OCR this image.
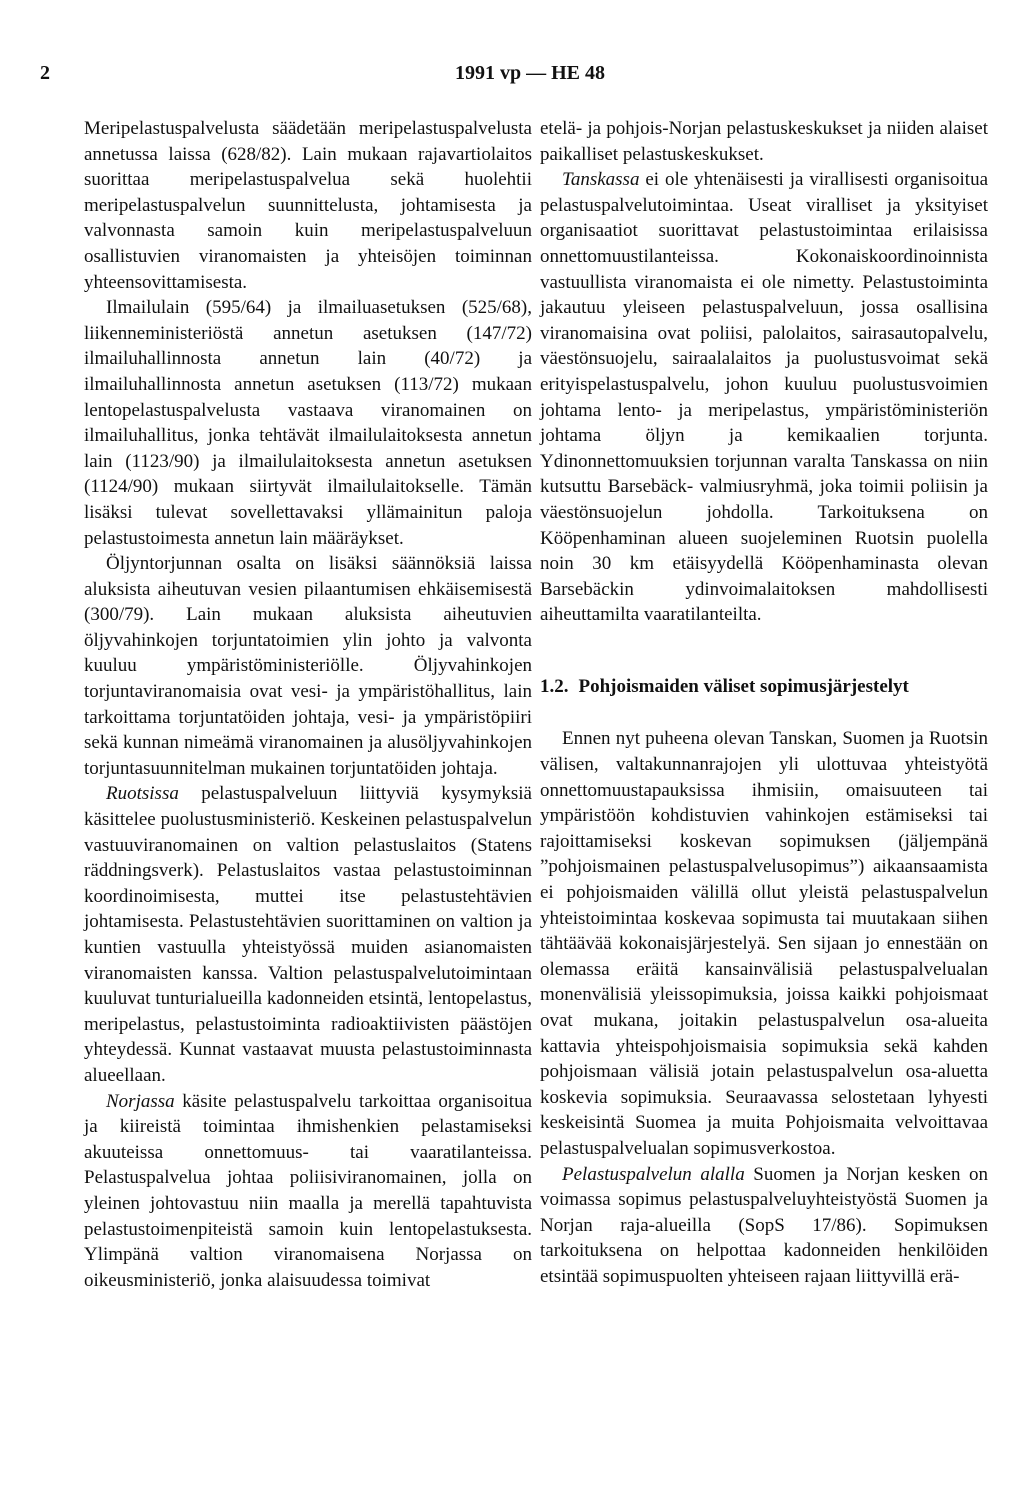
2	1991 vp — HE 48

Meripelastuspalvelusta säädetään meripelastuspalvelusta annetussa laissa (628/82). Lain mukaan rajavartiolaitos suorittaa meripelastuspalvelua sekä huolehtii meripelastuspalvelun suunnittelusta, johtamisesta ja valvonnasta samoin kuin meripelastuspalveluun osallistuvien viranomaisten ja yhteisöjen toiminnan yhteensovittamisesta.

Ilmailulain (595/64) ja ilmailuasetuksen (525/68), liikenneministeriöstä annetun asetuksen (147/72) ilmailuhallinnosta annetun lain (40/72) ja ilmailuhallinnosta annetun asetuksen (113/72) mukaan lentopelastuspalvelusta vastaava viranomainen on ilmailuhallitus, jonka tehtävät ilmailulaitoksesta annetun lain (1123/90) ja ilmailulaitoksesta annetun asetuksen (1124/90) mukaan siirtyvät ilmailulaitokselle. Tämän lisäksi tulevat sovellettavaksi yllämainitun paloja pelastustoimesta annetun lain määräykset.

Öljyntorjunnan osalta on lisäksi säännöksiä laissa aluksista aiheutuvan vesien pilaantumisen ehkäisemisestä (300/79). Lain mukaan aluksista aiheutuvien öljyvahinkojen torjuntatoimien ylin johto ja valvonta kuuluu ympäristöministeriölle. Öljyvahinkojen torjuntaviranomaisia ovat vesi- ja ympäristöhallitus, lain tarkoittama torjuntatöiden johtaja, vesi- ja ympäristöpiiri sekä kunnan nimeämä viranomainen ja alusöljyvahinkojen torjuntasuunnitelman mukainen torjuntatöiden johtaja.

Ruotsissa pelastuspalveluun liittyviä kysymyksiä käsittelee puolustusministeriö. Keskeinen pelastuspalvelun vastuuviranomainen on valtion pelastuslaitos (Statens räddningsverk). Pelastuslaitos vastaa pelastustoiminnan koordinoimisesta, muttei itse pelastustehtävien johtamisesta. Pelastustehtävien suorittaminen on valtion ja kuntien vastuulla yhteistyössä muiden asianomaisten viranomaisten kanssa. Valtion pelastuspalvelutoimintaan kuuluvat tunturialueilla kadonneiden etsintä, lentopelastus, meripelastus, pelastustoiminta radioaktiivisten päästöjen yhteydessä. Kunnat vastaavat muusta pelastustoiminnasta alueellaan.

Norjassa käsite pelastuspalvelu tarkoittaa organisoitua ja kiireistä toimintaa ihmishenkien pelastamiseksi akuuteissa onnettomuus- tai vaaratilanteissa. Pelastuspalvelua johtaa poliisiviranomainen, jolla on yleinen johtovastuu niin maalla ja merellä tapahtuvista pelastustoimenpiteistä samoin kuin lentopelastuksesta. Ylimpänä valtion viranomaisena Norjassa on oikeusministeriö, jonka alaisuudessa toimivat

etelä- ja pohjois-Norjan pelastuskeskukset ja niiden alaiset paikalliset pelastuskeskukset.

Tanskassa ei ole yhtenäisesti ja virallisesti organisoitua pelastuspalvelutoimintaa. Useat viralliset ja yksityiset organisaatiot suorittavat pelastustoimintaa erilaisissa onnettomuustilanteissa. Kokonaiskoordinoinnista vastuullista viranomaista ei ole nimetty. Pelastustoiminta jakautuu yleiseen pelastuspalveluun, jossa osallisina viranomaisina ovat poliisi, palolaitos, sairasautopalvelu, väestönsuojelu, sairaalalaitos ja puolustusvoimat sekä erityispelastuspalvelu, johon kuuluu puolustusvoimien johtama lento- ja meripelastus, ympäristöministeriön johtama öljyn ja kemikaalien torjunta. Ydinonnettomuuksien torjunnan varalta Tanskassa on niin kutsuttu Barsebäck- valmiusryhmä, joka toimii poliisin ja väestönsuojelun johdolla. Tarkoituksena on Kööpenhaminan alueen suojeleminen Ruotsin puolella noin 30 km etäisyydellä Kööpenhaminasta olevan Barsebäckin ydinvoimalaitoksen mahdollisesti aiheuttamilta vaaratilanteilta.

1.2. Pohjoismaiden väliset sopimusjärjestelyt

Ennen nyt puheena olevan Tanskan, Suomen ja Ruotsin välisen, valtakunnanrajojen yli ulottuvaa yhteistyötä onnettomuustapauksissa ihmisiin, omaisuuteen tai ympäristöön kohdistuvien vahinkojen estämiseksi tai rajoittamiseksi koskevan sopimuksen (jäljempänä ”pohjoismainen pelastuspalvelusopimus”) aikaansaamista ei pohjoismaiden välillä ollut yleistä pelastuspalvelun yhteistoimintaa koskevaa sopimusta tai muutakaan siihen tähtäävää kokonaisjärjestelyä. Sen sijaan jo ennestään on olemassa eräitä kansainvälisiä pelastuspalvelualan monenvälisiä yleissopimuksia, joissa kaikki pohjoismaat ovat mukana, joitakin pelastuspalvelun osa-alueita kattavia yhteispohjoismaisia sopimuksia sekä kahden pohjoismaan välisiä jotain pelastuspalvelun osa-aluetta koskevia sopimuksia. Seuraavassa selostetaan lyhyesti keskeisintä Suomea ja muita Pohjoismaita velvoittavaa pelastuspalvelualan sopimusverkostoa.

Pelastuspalvelun alalla Suomen ja Norjan kesken on voimassa sopimus pelastuspalveluyhteistyöstä Suomen ja Norjan raja-alueilla (SopS 17/86). Sopimuksen tarkoituksena on helpottaa kadonneiden henkilöiden etsintää sopimuspuolten yhteiseen rajaan liittyvillä erä-
